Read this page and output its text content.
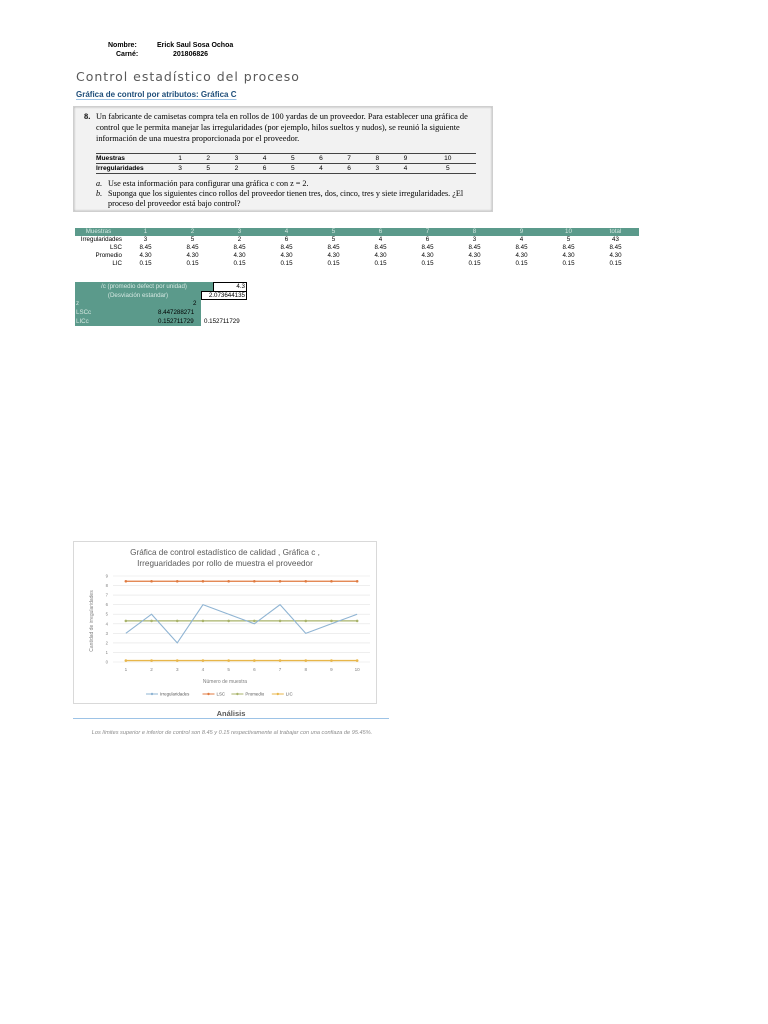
Nombre:	Erick Saul Sosa Ochoa
Carné:	201806826
Control estadístico del proceso
Gráfica de control por atributos: Gráfica C
8. Un fabricante de camisetas compra tela en rollos de 100 yardas de un proveedor. Para establecer una gráfica de control que le permita manejar las irregularidades (por ejemplo, hilos sueltos y nudos), se reunió la siguiente información de una muestra proporcionada por el proveedor.
Muestras	1	2	3	4	5	6	7	8	9	10
Irregularidades	3	5	2	6	5	4	6	3	4	5
a. Use esta información para configurar una gráfica c con z = 2.
b. Suponga que los siguientes cinco rollos del proveedor tienen tres, dos, cinco, tres y siete irregularidades. ¿El proceso del proveedor está bajo control?
Muestras	1	2	3	4	5	6	7	8	9	10	total
Irregularidades	3	5	2	6	5	4	6	3	4	5	43
LSC	8.45	8.45	8.45	8.45	8.45	8.45	8.45	8.45	8.45	8.45	8.45
Promedio	4.30	4.30	4.30	4.30	4.30	4.30	4.30	4.30	4.30	4.30	4.30
LIC	0.15	0.15	0.15	0.15	0.15	0.15	0.15	0.15	0.15	0.15	0.15
/c (promedio defect por unidad)	4.3
(Desviación estandar)	2.073644135
z	2
LSCc	8.447288271
LICc	0.152711729 0.152711729
Gráfica de control estadístico de calidad , Gráfica c ,
Irreguaridades por rollo de muestra el proveedor
0
1
2
3
4
5
6
7
8
9
1	2	3	4	5	6	7	8	9	10
Número de muestra
Cantidad de irregularidades
Irregularidades	LSC	Promedio	LIC
Análisis
Los límites superior e inferior de control son 8.45 y 0.15 respectivamente al trabajar con una confiaza de 95.45%.
